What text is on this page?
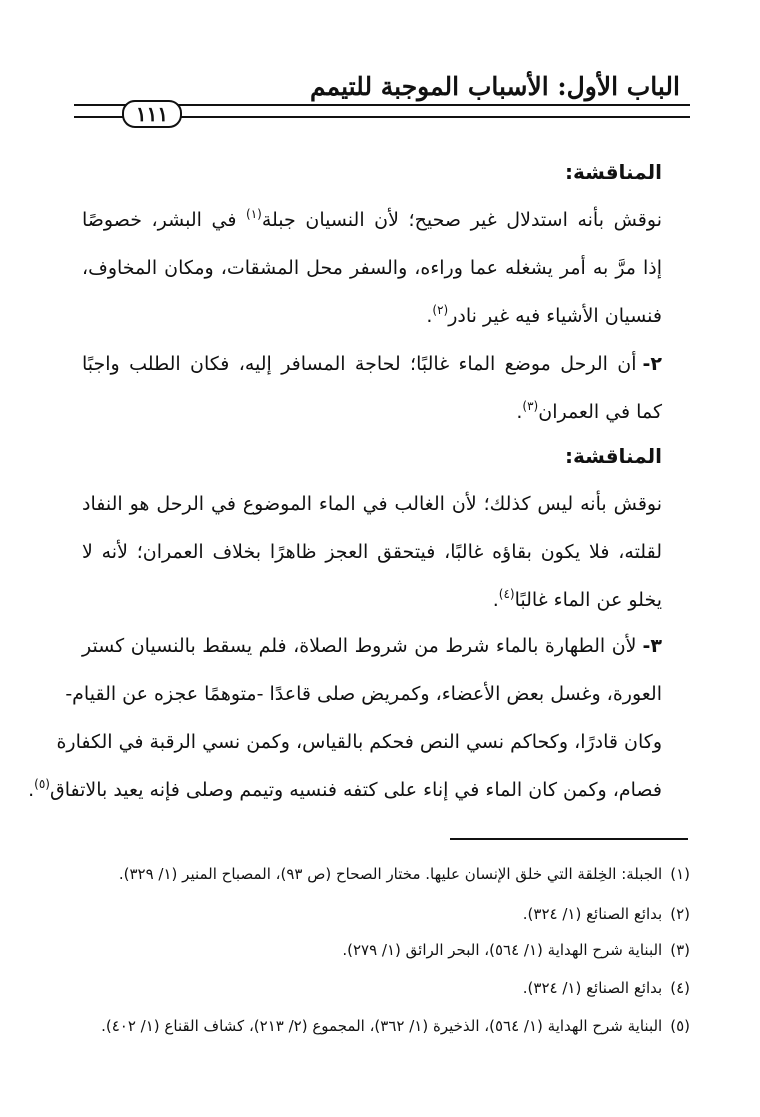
الباب الأول: الأسباب الموجبة للتيمم
١١١
المناقشة:
نوقش بأنه استدلال غير صحيح؛ لأن النسيان جبلة$^{(١)}$ في البشر، خصوصًا
إذا مرَّ به أمر يشغله عما وراءه، والسفر محل المشقات، ومكان المخاوف،
فنسيان الأشياء فيه غير نادر$^{(٢)}$.
٢-أن الرحل موضع الماء غالبًا؛ لحاجة المسافر إليه، فكان الطلب واجبًا
كما في العمران$^{(٣)}$.
المناقشة:
نوقش بأنه ليس كذلك؛ لأن الغالب في الماء الموضوع في الرحل هو النفاد
لقلته، فلا يكون بقاؤه غالبًا، فيتحقق العجز ظاهرًا بخلاف العمران؛ لأنه لا
يخلو عن الماء غالبًا$^{(٤)}$.
٣-لأن الطهارة بالماء شرط من شروط الصلاة، فلم يسقط بالنسيان كستر
العورة، وغسل بعض الأعضاء، وكمريض صلى قاعدًا -متوهمًا عجزه عن القيام-
وكان قادرًا، وكحاكم نسي النص فحكم بالقياس، وكمن نسي الرقبة في الكفارة
فصام، وكمن كان الماء في إناء على كتفه فنسيه وتيمم وصلى فإنه يعيد بالاتفاق$^{(٥)}$.
(١)الجبلة: الخِلقة التي خلق الإنسان عليها. مختار الصحاح (ص ٩٣)، المصباح المنير (١/ ٣٢٩).
(٢)بدائع الصنائع (١/ ٣٢٤).
(٣)البناية شرح الهداية (١/ ٥٦٤)، البحر الرائق (١/ ٢٧٩).
(٤)بدائع الصنائع (١/ ٣٢٤).
(٥)البناية شرح الهداية (١/ ٥٦٤)، الذخيرة (١/ ٣٦٢)، المجموع (٢/ ٢١٣)، كشاف القناع (١/ ٤٠٢).
